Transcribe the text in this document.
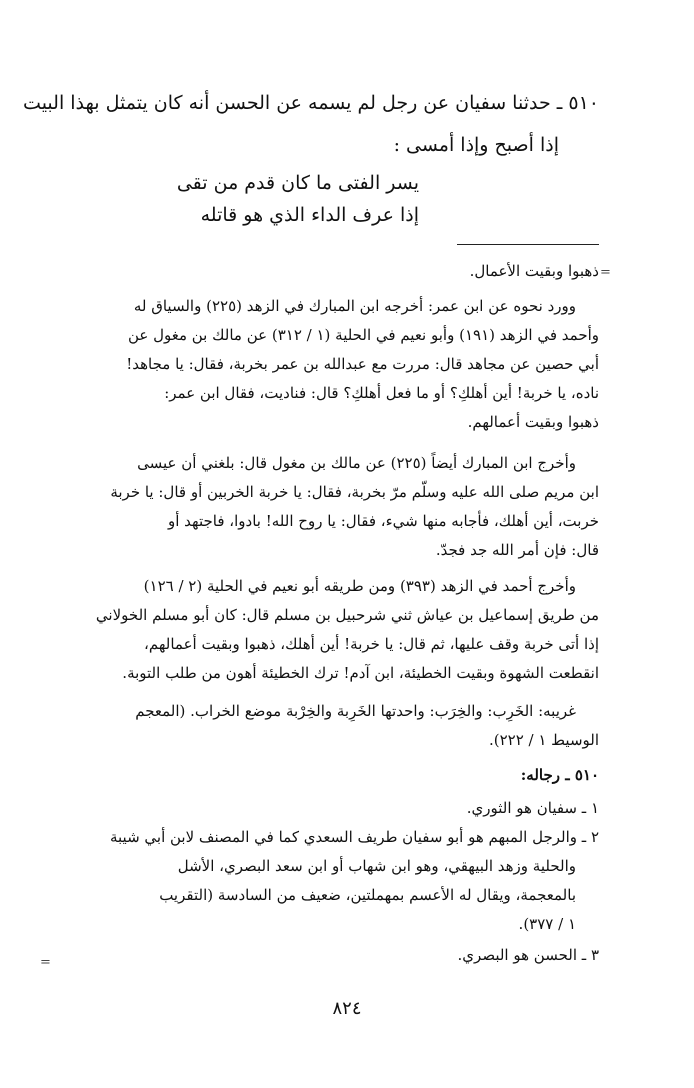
٥١٠ ـ حدثنا سفيان عن رجل لم يسمه عن الحسن أنه كان يتمثل بهذا البيت
إذا أصبح وإذا أمسى :
يسر الفتى ما كان قدم من تقى
إذا عرف الداء الذي هو قاتله
=
=
ذهبوا وبقيت الأعمال.
وورد نحوه عن ابن عمر: أخرجه ابن المبارك في الزهد (٢٢٥) والسياق له
وأحمد في الزهد (١٩١) وأبو نعيم في الحلية (١ / ٣١٢) عن مالك بن مغول عن
أبي حصين عن مجاهد قال: مررت مع عبدالله بن عمر بخربة، فقال: يا مجاهد!
ناده، يا خربة! أين أهلكِ؟ أو ما فعل أهلكِ؟ قال: فناديت، فقال ابن عمر:
ذهبوا وبقيت أعمالهم.
وأخرج ابن المبارك أيضاً (٢٢٥) عن مالك بن مغول قال: بلغني أن عيسى
ابن مريم صلى الله عليه وسلّم مرّ بخربة، فقال: يا خربة الخربين أو قال: يا خربة
خربت، أين أهلك، فأجابه منها شيء، فقال: يا روح الله! بادوا، فاجتهد أو
قال: فإن أمر الله جد فجدّ.
وأخرج أحمد في الزهد (٣٩٣) ومن طريقه أبو نعيم في الحلية (٢ / ١٢٦)
من طريق إسماعيل بن عياش ثني شرحبيل بن مسلم قال: كان أبو مسلم الخولاني
إذا أتى خربة وقف عليها، ثم قال: يا خربة! أين أهلك، ذهبوا وبقيت أعمالهم،
انقطعت الشهوة وبقيت الخطيئة، ابن آدم! ترك الخطيئة أهون من طلب التوبة.
غريبه: الخَرِب: والخِرَب: واحدتها الخَرِبة والخِرْبة موضع الخراب. (المعجم
الوسيط ١ / ٢٢٢).
٥١٠ ـ رجاله:
١ ـ سفيان هو الثوري.
٢ ـ والرجل المبهم هو أبو سفيان طريف السعدي كما في المصنف لابن أبي شيبة
والحلية وزهد البيهقي، وهو ابن شهاب أو ابن سعد البصري، الأشل
بالمعجمة، ويقال له الأعسم بمهملتين، ضعيف من السادسة (التقريب
١ / ٣٧٧).
٣ ـ الحسن هو البصري.
٨٢٤
